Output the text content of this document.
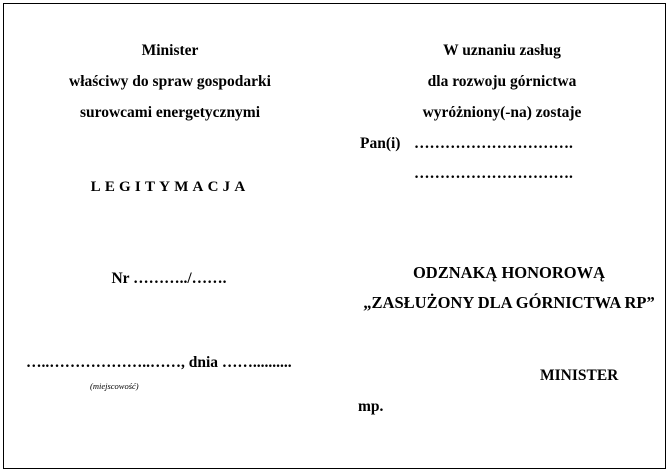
Minister
właściwy do spraw gospodarki
surowcami energetycznymi
LEGITYMACJA
Nr ………../…….
…..………………..……, dnia ……..........
(miejscowość)
W uznaniu zasług
dla rozwoju górnictwa
wyróżniony(-na) zostaje
Pan(i) ………………………….
………………………….
ODZNAKĄ HONOROWĄ
„ZASŁUŻONY DLA GÓRNICTWA RP”
MINISTER
mp.
